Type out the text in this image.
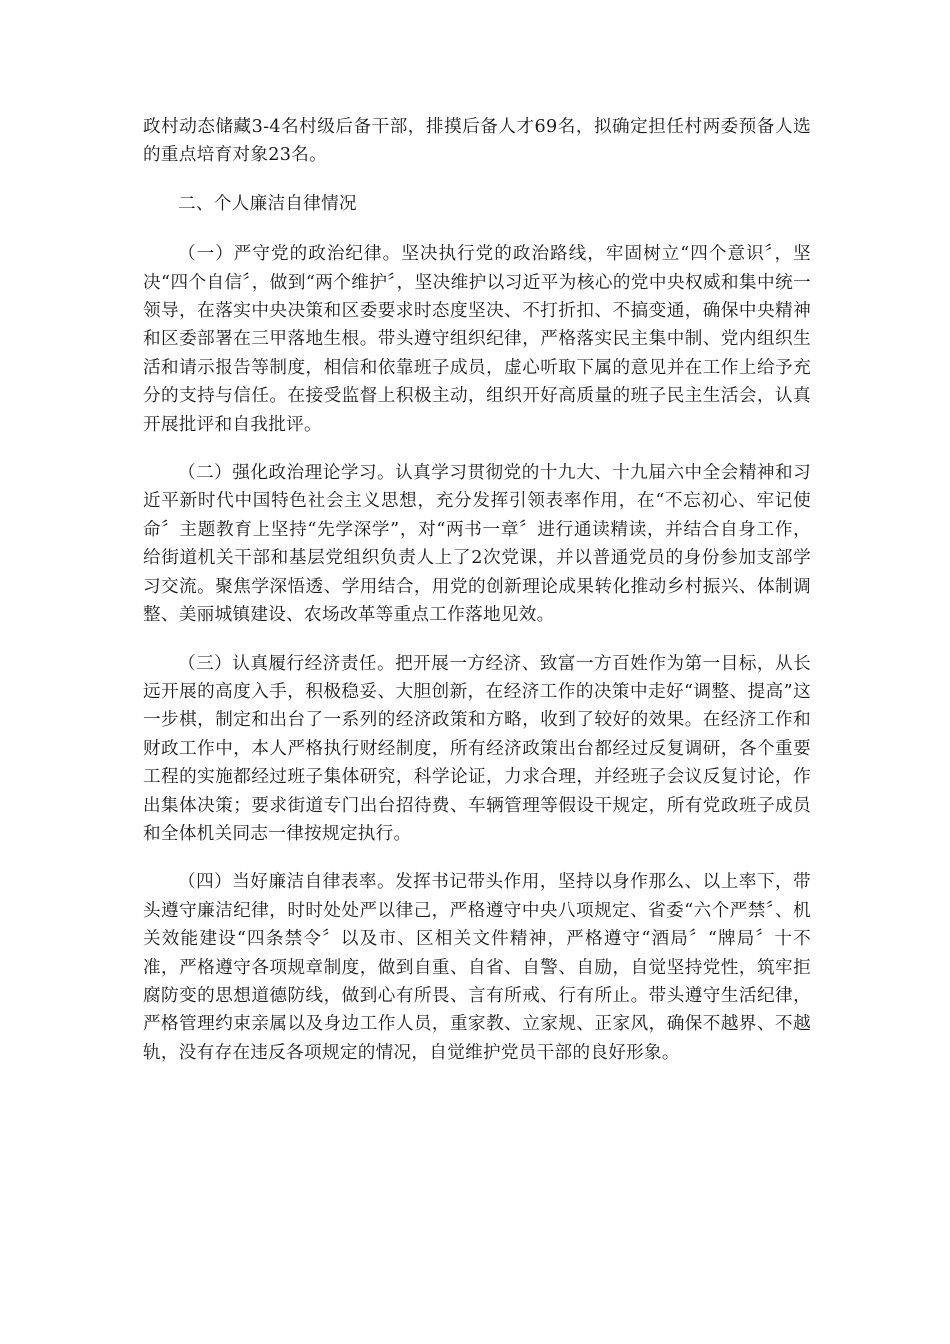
政村动态储藏3-4名村级后备干部，排摸后备人才69名，拟确定担任村两委预备人选的重点培育对象23名。

二、个人廉洁自律情况

（一）严守党的政治纪律。坚决执行党的政治路线，牢固树立“四个意识〞，坚决“四个自信〞，做到“两个维护〞，坚决维护以习近平为核心的党中央权威和集中统一领导，在落实中央决策和区委要求时态度坚决、不打折扣、不搞变通，确保中央精神和区委部署在三甲落地生根。带头遵守组织纪律，严格落实民主集中制、党内组织生活和请示报告等制度，相信和依靠班子成员，虚心听取下属的意见并在工作上给予充分的支持与信任。在接受监督上积极主动，组织开好高质量的班子民主生活会，认真开展批评和自我批评。

（二）强化政治理论学习。认真学习贯彻党的十九大、十九届六中全会精神和习近平新时代中国特色社会主义思想，充分发挥引领表率作用，在“不忘初心、牢记使命〞主题教育上坚持“先学深学”，对“两书一章〞进行通读精读，并结合自身工作，给街道机关干部和基层党组织负责人上了2次党课，并以普通党员的身份参加支部学习交流。聚焦学深悟透、学用结合，用党的创新理论成果转化推动乡村振兴、体制调整、美丽城镇建设、农场改革等重点工作落地见效。

（三）认真履行经济责任。把开展一方经济、致富一方百姓作为第一目标，从长远开展的高度入手，积极稳妥、大胆创新，在经济工作的决策中走好“调整、提高”这一步棋，制定和出台了一系列的经济政策和方略，收到了较好的效果。在经济工作和财政工作中，本人严格执行财经制度，所有经济政策出台都经过反复调研，各个重要工程的实施都经过班子集体研究，科学论证，力求合理，并经班子会议反复讨论，作出集体决策；要求街道专门出台招待费、车辆管理等假设干规定，所有党政班子成员和全体机关同志一律按规定执行。

（四）当好廉洁自律表率。发挥书记带头作用，坚持以身作那么、以上率下，带头遵守廉洁纪律，时时处处严以律己，严格遵守中央八项规定、省委“六个严禁〞、机关效能建设“四条禁令〞以及市、区相关文件精神，严格遵守“酒局〞“牌局〞十不准，严格遵守各项规章制度，做到自重、自省、自警、自励，自觉坚持党性，筑牢拒腐防变的思想道德防线，做到心有所畏、言有所戒、行有所止。带头遵守生活纪律，严格管理约束亲属以及身边工作人员，重家教、立家规、正家风，确保不越界、不越轨，没有存在违反各项规定的情况，自觉维护党员干部的良好形象。
